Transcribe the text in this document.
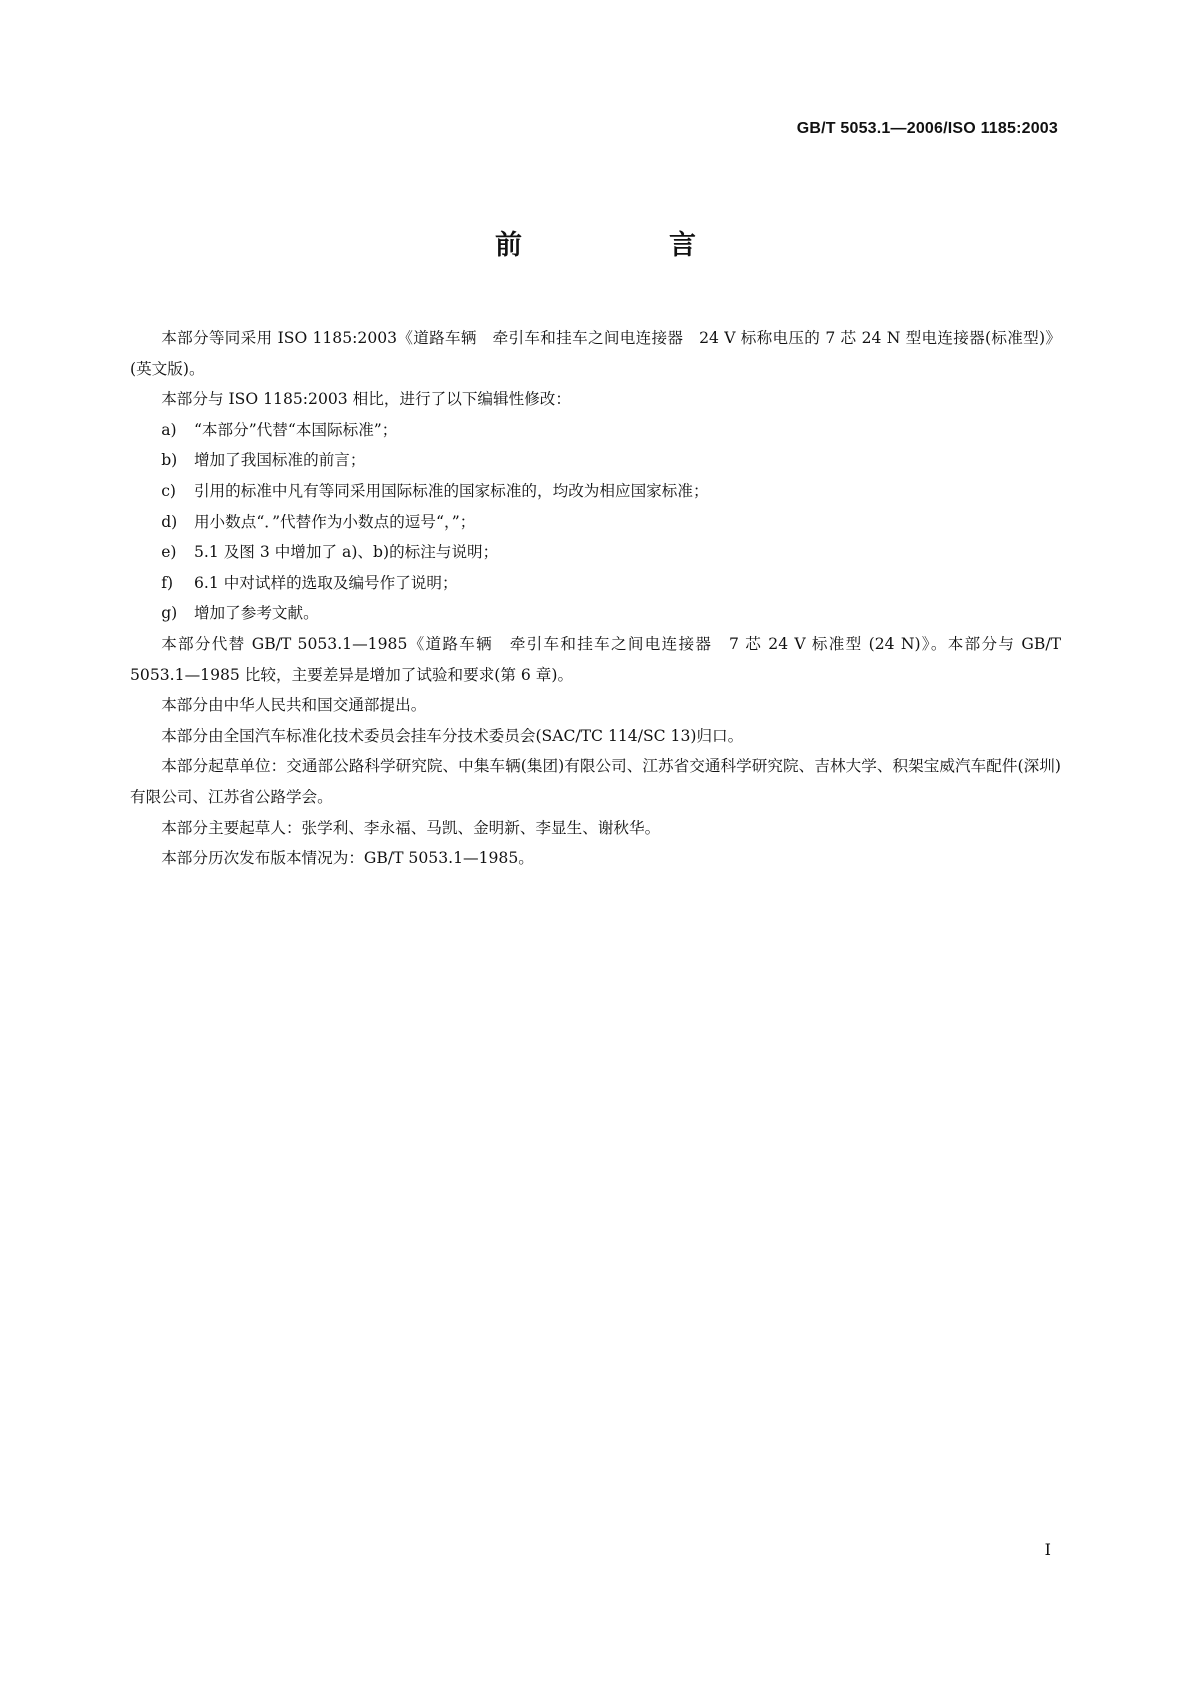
GB/T 5053.1—2006/ISO 1185:2003
前　言

本部分等同采用 ISO 1185:2003《道路车辆　牵引车和挂车之间电连接器　24 V 标称电压的 7 芯 24 N 型电连接器(标准型)》(英文版)。

本部分与 ISO 1185:2003 相比，进行了以下编辑性修改：

a) “本部分”代替“本国际标准”；
b) 增加了我国标准的前言；
c) 引用的标准中凡有等同采用国际标准的国家标准的，均改为相应国家标准；
d) 用小数点“．”代替作为小数点的逗号“，”；
e) 5.1 及图 3 中增加了 a)、b)的标注与说明；
f) 6.1 中对试样的选取及编号作了说明；
g) 增加了参考文献。

本部分代替 GB/T 5053.1—1985《道路车辆　牵引车和挂车之间电连接器　7 芯 24 V 标准型 (24 N)》。本部分与 GB/T 5053.1—1985 比较，主要差异是增加了试验和要求(第 6 章)。

本部分由中华人民共和国交通部提出。

本部分由全国汽车标准化技术委员会挂车分技术委员会(SAC/TC 114/SC 13)归口。

本部分起草单位：交通部公路科学研究院、中集车辆(集团)有限公司、江苏省交通科学研究院、吉林大学、积架宝威汽车配件(深圳)有限公司、江苏省公路学会。

本部分主要起草人：张学利、李永福、马凯、金明新、李显生、谢秋华。

本部分历次发布版本情况为：GB/T 5053.1—1985。

I
